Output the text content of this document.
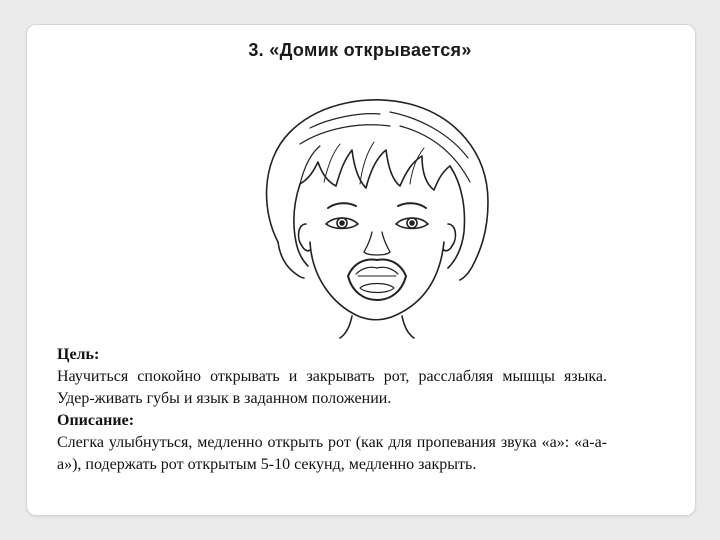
3. «Домик открывается»
Цель:
Научиться спокойно открывать и закрывать рот, расслабляя мышцы языка. Удер-живать губы и язык в заданном положении.
Описание:
Слегка улыбнуться, медленно открыть рот (как для пропевания звука «а»: «а-а-а»), подержать рот открытым 5-10 секунд, медленно закрыть.
